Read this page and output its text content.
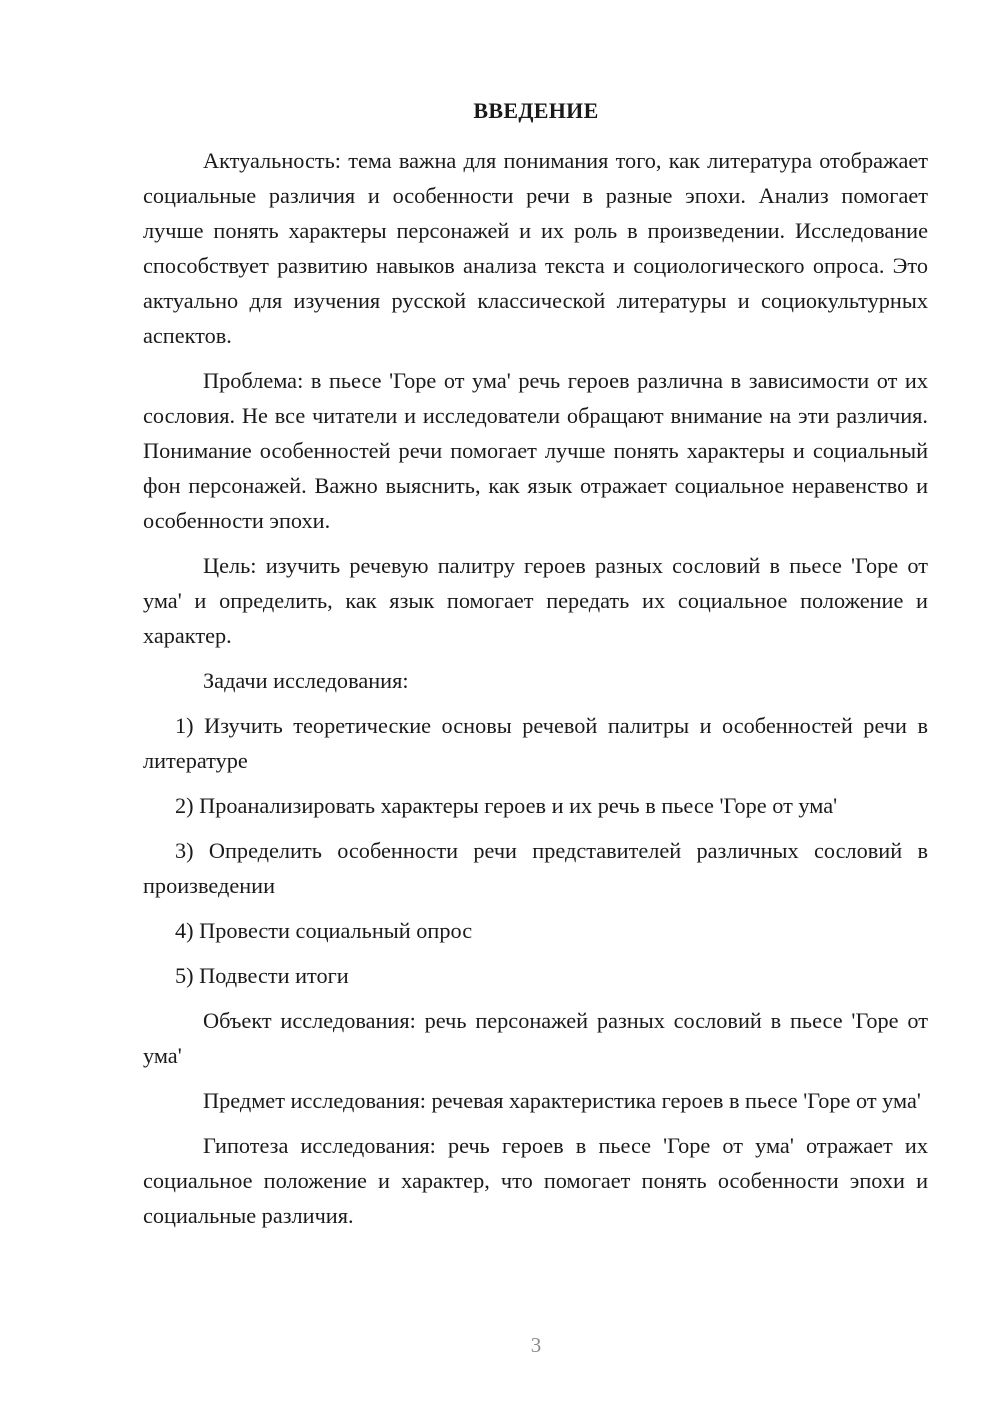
ВВЕДЕНИЕ

Актуальность: тема важна для понимания того, как литература отображает социальные различия и особенности речи в разные эпохи. Анализ помогает лучше понять характеры персонажей и их роль в произведении. Исследование способствует развитию навыков анализа текста и социологического опроса. Это актуально для изучения русской классической литературы и социокультурных аспектов.

Проблема: в пьесе 'Горе от ума' речь героев различна в зависимости от их сословия. Не все читатели и исследователи обращают внимание на эти различия. Понимание особенностей речи помогает лучше понять характеры и социальный фон персонажей. Важно выяснить, как язык отражает социальное неравенство и особенности эпохи.

Цель: изучить речевую палитру героев разных сословий в пьесе 'Горе от ума' и определить, как язык помогает передать их социальное положение и характер.

Задачи исследования:

1) Изучить теоретические основы речевой палитры и особенностей речи в литературе

2) Проанализировать характеры героев и их речь в пьесе 'Горе от ума'

3) Определить особенности речи представителей различных сословий в произведении

4) Провести социальный опрос

5) Подвести итоги

Объект исследования: речь персонажей разных сословий в пьесе 'Горе от ума'

Предмет исследования: речевая характеристика героев в пьесе 'Горе от ума'

Гипотеза исследования: речь героев в пьесе 'Горе от ума' отражает их социальное положение и характер, что помогает понять особенности эпохи и социальные различия.

3
